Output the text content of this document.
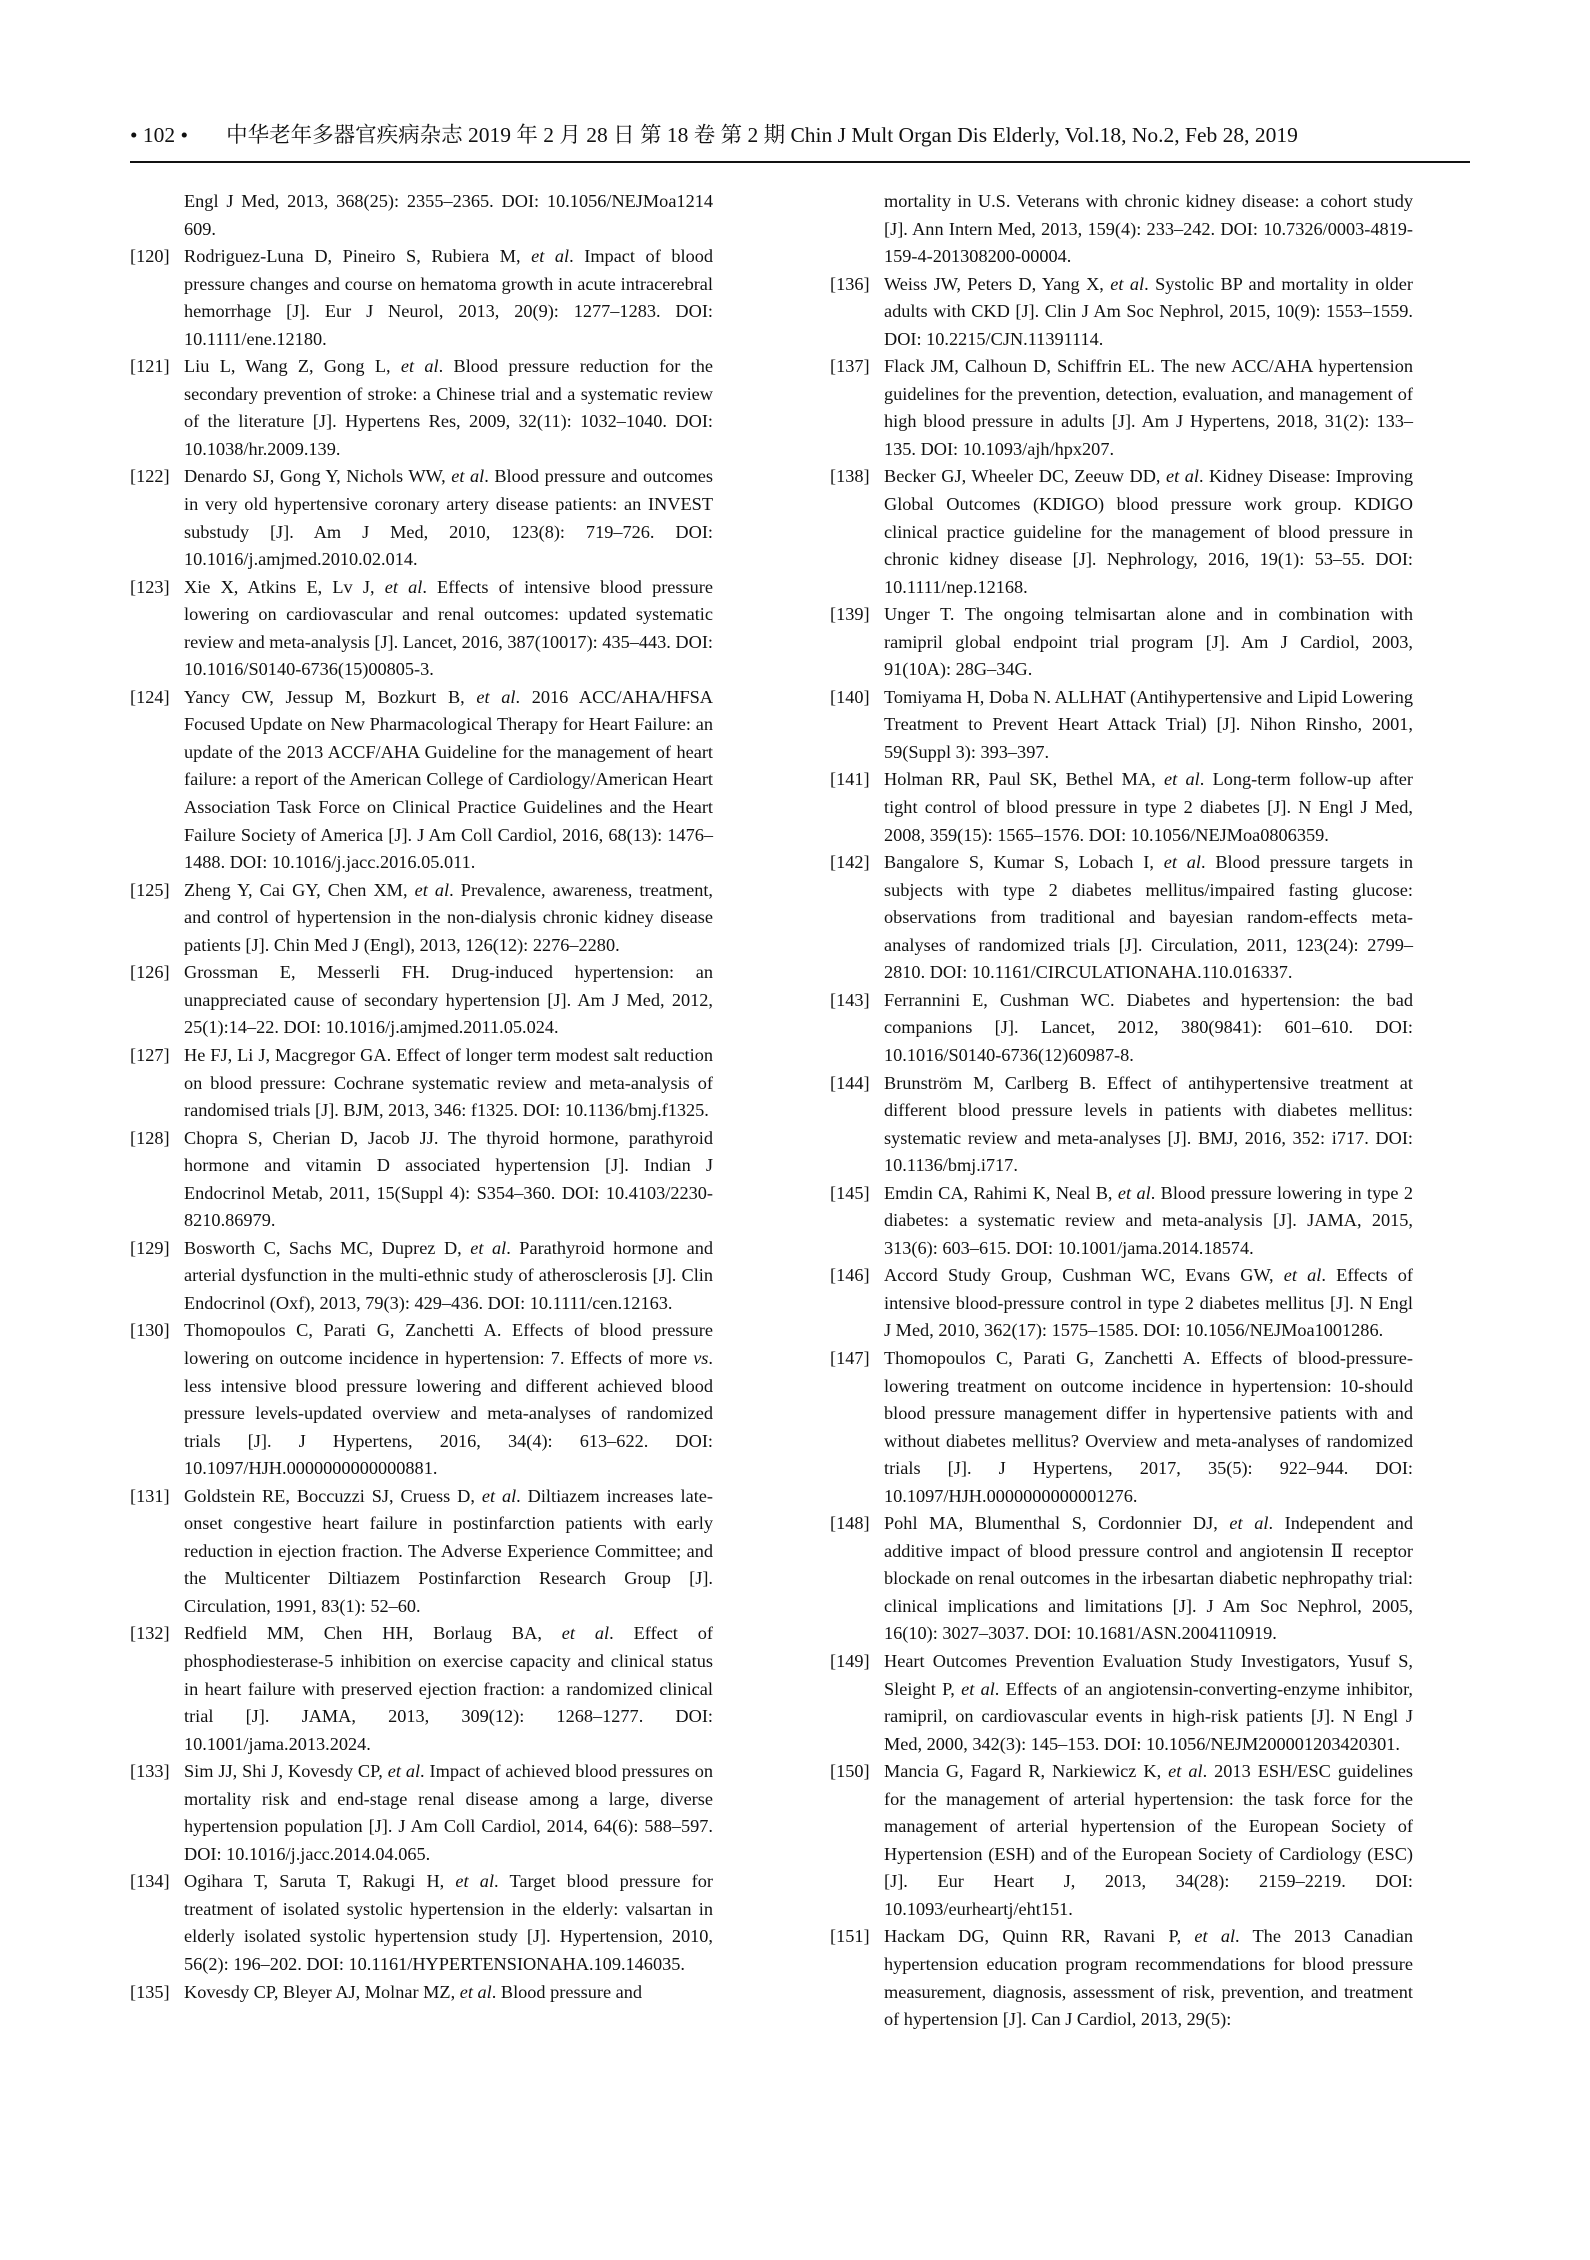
• 102 • 中华老年多器官疾病杂志 2019 年 2 月 28 日 第 18 卷 第 2 期 Chin J Mult Organ Dis Elderly, Vol.18, No.2, Feb 28, 2019
Engl J Med, 2013, 368(25): 2355–2365. DOI: 10.1056/NEJMoa1214 609.
[120] Rodriguez-Luna D, Pineiro S, Rubiera M, et al. Impact of blood pressure changes and course on hematoma growth in acute intracerebral hemorrhage [J]. Eur J Neurol, 2013, 20(9): 1277–1283. DOI: 10.1111/ene.12180.
[121] Liu L, Wang Z, Gong L, et al. Blood pressure reduction for the secondary prevention of stroke: a Chinese trial and a systematic review of the literature [J]. Hypertens Res, 2009, 32(11): 1032–1040. DOI: 10.1038/hr.2009.139.
[122] Denardo SJ, Gong Y, Nichols WW, et al. Blood pressure and outcomes in very old hypertensive coronary artery disease patients: an INVEST substudy [J]. Am J Med, 2010, 123(8): 719–726. DOI: 10.1016/j.amjmed.2010.02.014.
[123] Xie X, Atkins E, Lv J, et al. Effects of intensive blood pressure lowering on cardiovascular and renal outcomes: updated systematic review and meta-analysis [J]. Lancet, 2016, 387(10017): 435–443. DOI: 10.1016/S0140-6736(15)00805-3.
[124] Yancy CW, Jessup M, Bozkurt B, et al. 2016 ACC/AHA/HFSA Focused Update on New Pharmacological Therapy for Heart Failure: an update of the 2013 ACCF/AHA Guideline for the management of heart failure: a report of the American College of Cardiology/American Heart Association Task Force on Clinical Practice Guidelines and the Heart Failure Society of America [J]. J Am Coll Cardiol, 2016, 68(13): 1476–1488. DOI: 10.1016/j.jacc.2016.05.011.
[125] Zheng Y, Cai GY, Chen XM, et al. Prevalence, awareness, treatment, and control of hypertension in the non-dialysis chronic kidney disease patients [J]. Chin Med J (Engl), 2013, 126(12): 2276–2280.
[126] Grossman E, Messerli FH. Drug-induced hypertension: an unappreciated cause of secondary hypertension [J]. Am J Med, 2012, 25(1):14–22. DOI: 10.1016/j.amjmed.2011.05.024.
[127] He FJ, Li J, Macgregor GA. Effect of longer term modest salt reduction on blood pressure: Cochrane systematic review and meta-analysis of randomised trials [J]. BJM, 2013, 346: f1325. DOI: 10.1136/bmj.f1325.
[128] Chopra S, Cherian D, Jacob JJ. The thyroid hormone, parathyroid hormone and vitamin D associated hypertension [J]. Indian J Endocrinol Metab, 2011, 15(Suppl 4): S354–360. DOI: 10.4103/2230-8210.86979.
[129] Bosworth C, Sachs MC, Duprez D, et al. Parathyroid hormone and arterial dysfunction in the multi-ethnic study of atherosclerosis [J]. Clin Endocrinol (Oxf), 2013, 79(3): 429–436. DOI: 10.1111/cen.12163.
[130] Thomopoulos C, Parati G, Zanchetti A. Effects of blood pressure lowering on outcome incidence in hypertension: 7. Effects of more vs. less intensive blood pressure lowering and different achieved blood pressure levels-updated overview and meta-analyses of randomized trials [J]. J Hypertens, 2016, 34(4): 613–622. DOI: 10.1097/HJH.0000000000000881.
[131] Goldstein RE, Boccuzzi SJ, Cruess D, et al. Diltiazem increases late-onset congestive heart failure in postinfarction patients with early reduction in ejection fraction. The Adverse Experience Committee; and the Multicenter Diltiazem Postinfarction Research Group [J]. Circulation, 1991, 83(1): 52–60.
[132] Redfield MM, Chen HH, Borlaug BA, et al. Effect of phosphodiesterase-5 inhibition on exercise capacity and clinical status in heart failure with preserved ejection fraction: a randomized clinical trial [J]. JAMA, 2013, 309(12): 1268–1277. DOI: 10.1001/jama.2013.2024.
[133] Sim JJ, Shi J, Kovesdy CP, et al. Impact of achieved blood pressures on mortality risk and end-stage renal disease among a large, diverse hypertension population [J]. J Am Coll Cardiol, 2014, 64(6): 588–597. DOI: 10.1016/j.jacc.2014.04.065.
[134] Ogihara T, Saruta T, Rakugi H, et al. Target blood pressure for treatment of isolated systolic hypertension in the elderly: valsartan in elderly isolated systolic hypertension study [J]. Hypertension, 2010, 56(2): 196–202. DOI: 10.1161/HYPERTENSIONAHA.109.146035.
[135] Kovesdy CP, Bleyer AJ, Molnar MZ, et al. Blood pressure and
mortality in U.S. Veterans with chronic kidney disease: a cohort study [J]. Ann Intern Med, 2013, 159(4): 233–242. DOI: 10.7326/0003-4819-159-4-201308200-00004.
[136] Weiss JW, Peters D, Yang X, et al. Systolic BP and mortality in older adults with CKD [J]. Clin J Am Soc Nephrol, 2015, 10(9): 1553–1559. DOI: 10.2215/CJN.11391114.
[137] Flack JM, Calhoun D, Schiffrin EL. The new ACC/AHA hypertension guidelines for the prevention, detection, evaluation, and management of high blood pressure in adults [J]. Am J Hypertens, 2018, 31(2): 133–135. DOI: 10.1093/ajh/hpx207.
[138] Becker GJ, Wheeler DC, Zeeuw DD, et al. Kidney Disease: Improving Global Outcomes (KDIGO) blood pressure work group. KDIGO clinical practice guideline for the management of blood pressure in chronic kidney disease [J]. Nephrology, 2016, 19(1): 53–55. DOI: 10.1111/nep.12168.
[139] Unger T. The ongoing telmisartan alone and in combination with ramipril global endpoint trial program [J]. Am J Cardiol, 2003, 91(10A): 28G–34G.
[140] Tomiyama H, Doba N. ALLHAT (Antihypertensive and Lipid Lowering Treatment to Prevent Heart Attack Trial) [J]. Nihon Rinsho, 2001, 59(Suppl 3): 393–397.
[141] Holman RR, Paul SK, Bethel MA, et al. Long-term follow-up after tight control of blood pressure in type 2 diabetes [J]. N Engl J Med, 2008, 359(15): 1565–1576. DOI: 10.1056/NEJMoa0806359.
[142] Bangalore S, Kumar S, Lobach I, et al. Blood pressure targets in subjects with type 2 diabetes mellitus/impaired fasting glucose: observations from traditional and bayesian random-effects meta-analyses of randomized trials [J]. Circulation, 2011, 123(24): 2799–2810. DOI: 10.1161/CIRCULATIONAHA.110.016337.
[143] Ferrannini E, Cushman WC. Diabetes and hypertension: the bad companions [J]. Lancet, 2012, 380(9841): 601–610. DOI: 10.1016/S0140-6736(12)60987-8.
[144] Brunström M, Carlberg B. Effect of antihypertensive treatment at different blood pressure levels in patients with diabetes mellitus: systematic review and meta-analyses [J]. BMJ, 2016, 352: i717. DOI: 10.1136/bmj.i717.
[145] Emdin CA, Rahimi K, Neal B, et al. Blood pressure lowering in type 2 diabetes: a systematic review and meta-analysis [J]. JAMA, 2015, 313(6): 603–615. DOI: 10.1001/jama.2014.18574.
[146] Accord Study Group, Cushman WC, Evans GW, et al. Effects of intensive blood-pressure control in type 2 diabetes mellitus [J]. N Engl J Med, 2010, 362(17): 1575–1585. DOI: 10.1056/NEJMoa1001286.
[147] Thomopoulos C, Parati G, Zanchetti A. Effects of blood-pressure-lowering treatment on outcome incidence in hypertension: 10-should blood pressure management differ in hypertensive patients with and without diabetes mellitus? Overview and meta-analyses of randomized trials [J]. J Hypertens, 2017, 35(5): 922–944. DOI: 10.1097/HJH.0000000000001276.
[148] Pohl MA, Blumenthal S, Cordonnier DJ, et al. Independent and additive impact of blood pressure control and angiotensin Ⅱ receptor blockade on renal outcomes in the irbesartan diabetic nephropathy trial: clinical implications and limitations [J]. J Am Soc Nephrol, 2005, 16(10): 3027–3037. DOI: 10.1681/ASN.2004110919.
[149] Heart Outcomes Prevention Evaluation Study Investigators, Yusuf S, Sleight P, et al. Effects of an angiotensin-converting-enzyme inhibitor, ramipril, on cardiovascular events in high-risk patients [J]. N Engl J Med, 2000, 342(3): 145–153. DOI: 10.1056/NEJM200001203420301.
[150] Mancia G, Fagard R, Narkiewicz K, et al. 2013 ESH/ESC guidelines for the management of arterial hypertension: the task force for the management of arterial hypertension of the European Society of Hypertension (ESH) and of the European Society of Cardiology (ESC) [J]. Eur Heart J, 2013, 34(28): 2159–2219. DOI: 10.1093/eurheartj/eht151.
[151] Hackam DG, Quinn RR, Ravani P, et al. The 2013 Canadian hypertension education program recommendations for blood pressure measurement, diagnosis, assessment of risk, prevention, and treatment of hypertension [J]. Can J Cardiol, 2013, 29(5):
